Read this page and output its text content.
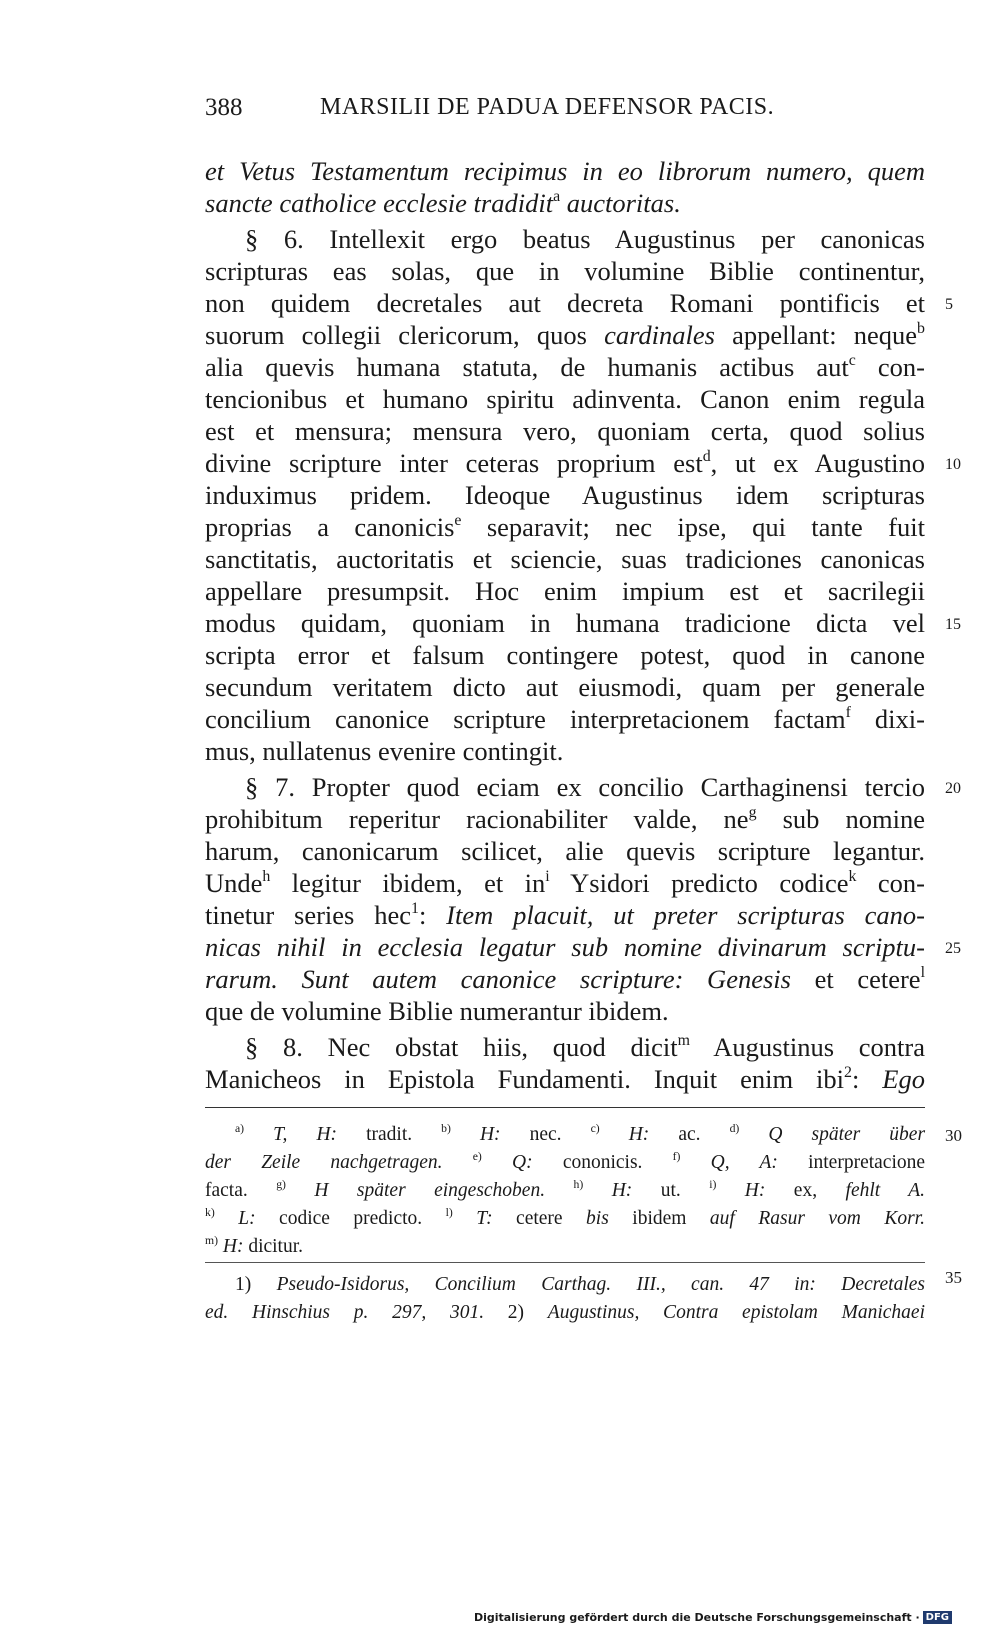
388	MARSILII DE PADUA DEFENSOR PACIS.
et Vetus Testamentum recipimus in eo librorum numero, quem
sancte catholice ecclesie tradidit$^a$ auctoritas.
§ 6. Intellexit ergo beatus Augustinus per canonicas
scripturas eas solas, que in volumine Biblie continentur,
non quidem decretales aut decreta Romani pontificis et
suorum collegii clericorum, quos cardinales appellant: neque$^b$
alia quevis humana statuta, de humanis actibus aut$^c$ con-
tencionibus et humano spiritu adinventa. Canon enim regula
est et mensura; mensura vero, quoniam certa, quod solius
divine scripture inter ceteras proprium est$^d$, ut ex Augustino
induximus pridem. Ideoque Augustinus idem scripturas
proprias a canonicis$^e$ separavit; nec ipse, qui tante fuit
sanctitatis, auctoritatis et sciencie, suas tradiciones canonicas
appellare presumpsit. Hoc enim impium est et sacrilegii
modus quidam, quoniam in humana tradicione dicta vel
scripta error et falsum contingere potest, quod in canone
secundum veritatem dicto aut eiusmodi, quam per generale
concilium canonice scripture interpretacionem factam$^f$ dixi-
mus, nullatenus evenire contingit.
§ 7. Propter quod eciam ex concilio Carthaginensi tercio
prohibitum reperitur racionabiliter valde, $ne^g$ sub nomine
harum, canonicarum scilicet, alie quevis scripture legantur.
Unde$^h$ legitur ibidem, et $in^i$ Ysidori predicto codice$^k$ con-
tinetur series hec$^1$: Item placuit, ut preter scripturas cano-
nicas nihil in ecclesia legatur sub nomine divinarum scriptu-
rarum. Sunt autem canonice scripture: Genesis et cetere$^l$
que de volumine Biblie numerantur ibidem.
§ 8. Nec obstat hiis, quod dicit$^m$ Augustinus contra
Manicheos in Epistola Fundamenti. Inquit enim ibi$^2$: Ego
5
10
15
20
25
30
35
$^{a)}$ T, H: tradit. $^{b)}$ H: nec. $^{c)}$ H: ac. $^{d)}$ Q später über
der Zeile nachgetragen.	$^{e)}$ Q: cononicis.	$^{f)}$ Q, A: interpretacione
facta. $^{g)}$ H später eingeschoben. $^{h)}$ H: ut. $^{i)}$ H: ex, fehlt A.
$^{k)}$ L: codice predicto. $^{l)}$ T: cetere bis ibidem auf Rasur vom Korr.
$^{m)}$ H: dicitur.
1) Pseudo-Isidorus, Concilium Carthag. III., can. 47 in: Decretales
ed. Hinschius p. 297, 301. 2) Augustinus, Contra epistolam Manichaei
Digitalisierung gefördert durch die Deutsche Forschungsgemeinschaft · DFG
